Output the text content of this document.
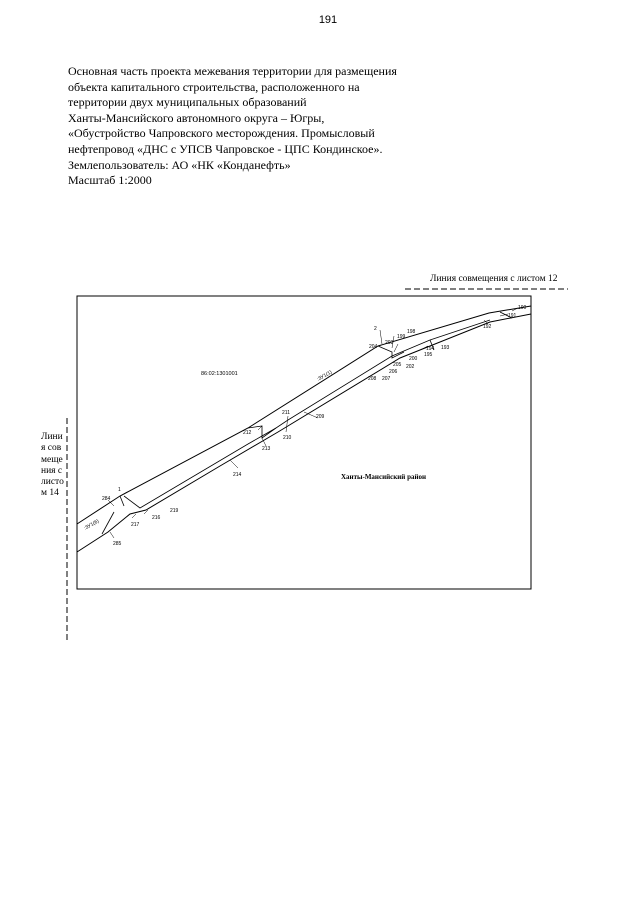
191
Основная часть проекта межевания территории для размещения
объекта капитального строительства, расположенного на
территории двух муниципальных образований
Ханты-Мансийского автономного округа – Югры,
«Обустройство Чапровского месторождения. Промысловый
нефтепровод «ДНС с УПСВ Чапровское - ЦПС Кондинское».
Землепользователь: АО «НК «Конданефть»
Масштаб 1:2000
Линия совмещения с листом 12
Линия совмещения с листом 14
86:02:1301001
Ханты-Мансийский район
:ЗУ1(1)
:ЗУ1(6)
190
191
192
193
194
195
198
199
200
202
203
204
205
206
207
208
209
210
211
212
213
214
216
217
219
284
285
1
2
